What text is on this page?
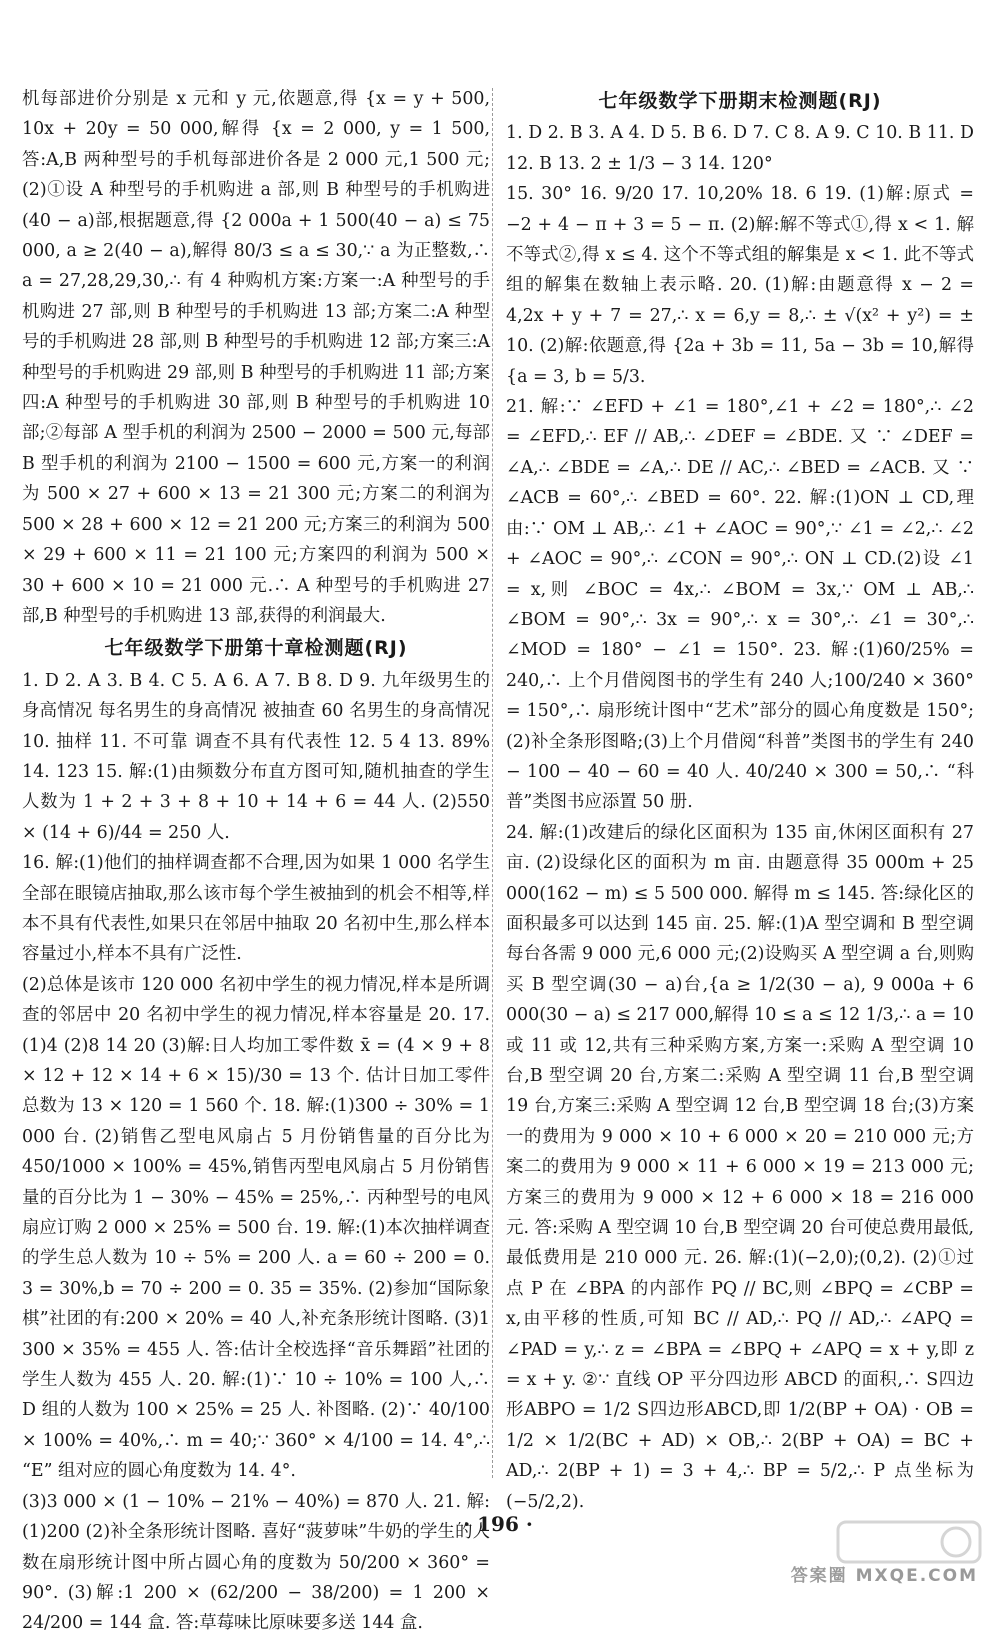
机每部进价分别是 x 元和 y 元,依题意,得 {x = y + 500, 10x + 20y = 50 000,解得 {x = 2 000, y = 1 500,答:A,B 两种型号的手机每部进价各是 2 000 元,1 500 元;(2)①设 A 种型号的手机购进 a 部,则 B 种型号的手机购进(40 − a)部,根据题意,得 {2 000a + 1 500(40 − a) ≤ 75 000, a ≥ 2(40 − a),解得 80/3 ≤ a ≤ 30,∵ a 为正整数,∴ a = 27,28,29,30,∴ 有 4 种购机方案:方案一:A 种型号的手机购进 27 部,则 B 种型号的手机购进 13 部;方案二:A 种型号的手机购进 28 部,则 B 种型号的手机购进 12 部;方案三:A 种型号的手机购进 29 部,则 B 种型号的手机购进 11 部;方案四:A 种型号的手机购进 30 部,则 B 种型号的手机购进 10 部;②每部 A 型手机的利润为 2500 − 2000 = 500 元,每部 B 型手机的利润为 2100 − 1500 = 600 元,方案一的利润为 500 × 27 + 600 × 13 = 21 300 元;方案二的利润为 500 × 28 + 600 × 12 = 21 200 元;方案三的利润为 500 × 29 + 600 × 11 = 21 100 元;方案四的利润为 500 × 30 + 600 × 10 = 21 000 元.∴ A 种型号的手机购进 27 部,B 种型号的手机购进 13 部,获得的利润最大.

七年级数学下册第十章检测题(RJ)

1. D 2. A 3. B 4. C 5. A 6. A 7. B 8. D 9. 九年级男生的身高情况 每名男生的身高情况 被抽查 60 名男生的身高情况 10. 抽样 11. 不可靠 调查不具有代表性 12. 5 4 13. 89% 14. 123 15. 解:(1)由频数分布直方图可知,随机抽查的学生人数为 1 + 2 + 3 + 8 + 10 + 14 + 6 = 44 人. (2)550 × (14 + 6)/44 = 250 人.

16. 解:(1)他们的抽样调查都不合理,因为如果 1 000 名学生全部在眼镜店抽取,那么该市每个学生被抽到的机会不相等,样本不具有代表性,如果只在邻居中抽取 20 名初中生,那么样本容量过小,样本不具有广泛性.

(2)总体是该市 120 000 名初中学生的视力情况,样本是所调查的邻居中 20 名初中学生的视力情况,样本容量是 20. 17. (1)4 (2)8 14 20 (3)解:日人均加工零件数 x̄ = (4 × 9 + 8 × 12 + 12 × 14 + 6 × 15)/30 = 13 个. 估计日加工零件总数为 13 × 120 = 1 560 个. 18. 解:(1)300 ÷ 30% = 1 000 台. (2)销售乙型电风扇占 5 月份销售量的百分比为 450/1000 × 100% = 45%,销售丙型电风扇占 5 月份销售量的百分比为 1 − 30% − 45% = 25%,∴ 丙种型号的电风扇应订购 2 000 × 25% = 500 台. 19. 解:(1)本次抽样调查的学生总人数为 10 ÷ 5% = 200 人. a = 60 ÷ 200 = 0. 3 = 30%,b = 70 ÷ 200 = 0. 35 = 35%. (2)参加“国际象棋”社团的有:200 × 20% = 40 人,补充条形统计图略. (3)1 300 × 35% = 455 人. 答:估计全校选择“音乐舞蹈”社团的学生人数为 455 人. 20. 解:(1)∵ 10 ÷ 10% = 100 人,∴ D 组的人数为 100 × 25% = 25 人. 补图略. (2)∵ 40/100 × 100% = 40%,∴ m = 40;∵ 360° × 4/100 = 14. 4°,∴ “E” 组对应的圆心角度数为 14. 4°.

(3)3 000 × (1 − 10% − 21% − 40%) = 870 人. 21. 解:(1)200 (2)补全条形统计图略. 喜好“菠萝味”牛奶的学生的人数在扇形统计图中所占圆心角的度数为 50/200 × 360° = 90°. (3)解:1 200 × (62/200 − 38/200) = 1 200 × 24/200 = 144 盒. 答:草莓味比原味要多送 144 盒.

七年级数学下册期末检测题(RJ)

1. D 2. B 3. A 4. D 5. B 6. D 7. C 8. A 9. C 10. B 11. D 12. B 13. 2 ± 1/3 − 3 14. 120°

15. 30° 16. 9/20 17. 10,20% 18. 6 19. (1)解:原式 = −2 + 4 − π + 3 = 5 − π. (2)解:解不等式①,得 x < 1. 解不等式②,得 x ≤ 4. 这个不等式组的解集是 x < 1. 此不等式组的解集在数轴上表示略. 20. (1)解:由题意得 x − 2 = 4,2x + y + 7 = 27,∴ x = 6,y = 8,∴ ± √(x² + y²) = ± 10. (2)解:依题意,得 {2a + 3b = 11, 5a − 3b = 10,解得 {a = 3, b = 5/3.

21. 解:∵ ∠EFD + ∠1 = 180°,∠1 + ∠2 = 180°,∴ ∠2 = ∠EFD,∴ EF // AB,∴ ∠DEF = ∠BDE. 又 ∵ ∠DEF = ∠A,∴ ∠BDE = ∠A,∴ DE // AC,∴ ∠BED = ∠ACB. 又 ∵ ∠ACB = 60°,∴ ∠BED = 60°. 22. 解:(1)ON ⊥ CD,理由:∵ OM ⊥ AB,∴ ∠1 + ∠AOC = 90°,∵ ∠1 = ∠2,∴ ∠2 + ∠AOC = 90°,∴ ∠CON = 90°,∴ ON ⊥ CD.(2)设 ∠1 = x,则 ∠BOC = 4x,∴ ∠BOM = 3x,∵ OM ⊥ AB,∴ ∠BOM = 90°,∴ 3x = 90°,∴ x = 30°,∴ ∠1 = 30°,∴ ∠MOD = 180° − ∠1 = 150°. 23. 解:(1)60/25% = 240,∴ 上个月借阅图书的学生有 240 人;100/240 × 360° = 150°,∴ 扇形统计图中“艺术”部分的圆心角度数是 150°;(2)补全条形图略;(3)上个月借阅“科普”类图书的学生有 240 − 100 − 40 − 60 = 40 人. 40/240 × 300 = 50,∴ “科普”类图书应添置 50 册.

24. 解:(1)改建后的绿化区面积为 135 亩,休闲区面积有 27 亩. (2)设绿化区的面积为 m 亩. 由题意得 35 000m + 25 000(162 − m) ≤ 5 500 000. 解得 m ≤ 145. 答:绿化区的面积最多可以达到 145 亩. 25. 解:(1)A 型空调和 B 型空调每台各需 9 000 元,6 000 元;(2)设购买 A 型空调 a 台,则购买 B 型空调(30 − a)台,{a ≥ 1/2(30 − a), 9 000a + 6 000(30 − a) ≤ 217 000,解得 10 ≤ a ≤ 12 1/3,∴ a = 10 或 11 或 12,共有三种采购方案,方案一:采购 A 型空调 10 台,B 型空调 20 台,方案二:采购 A 型空调 11 台,B 型空调 19 台,方案三:采购 A 型空调 12 台,B 型空调 18 台;(3)方案一的费用为 9 000 × 10 + 6 000 × 20 = 210 000 元;方案二的费用为 9 000 × 11 + 6 000 × 19 = 213 000 元;方案三的费用为 9 000 × 12 + 6 000 × 18 = 216 000 元. 答:采购 A 型空调 10 台,B 型空调 20 台可使总费用最低,最低费用是 210 000 元. 26. 解:(1)(−2,0);(0,2). (2)①过点 P 在 ∠BPA 的内部作 PQ // BC,则 ∠BPQ = ∠CBP = x,由平移的性质,可知 BC // AD,∴ PQ // AD,∴ ∠APQ = ∠PAD = y,∴ z = ∠BPA = ∠BPQ + ∠APQ = x + y,即 z = x + y. ②∵ 直线 OP 平分四边形 ABCD 的面积,∴ S四边形ABPO = 1/2 S四边形ABCD,即 1/2(BP + OA) · OB = 1/2 × 1/2(BC + AD) × OB,∴ 2(BP + OA) = BC + AD,∴ 2(BP + 1) = 3 + 4,∴ BP = 5/2,∴ P 点坐标为 (−5/2,2).

· 196 ·
答案圈 MXQE.COM
